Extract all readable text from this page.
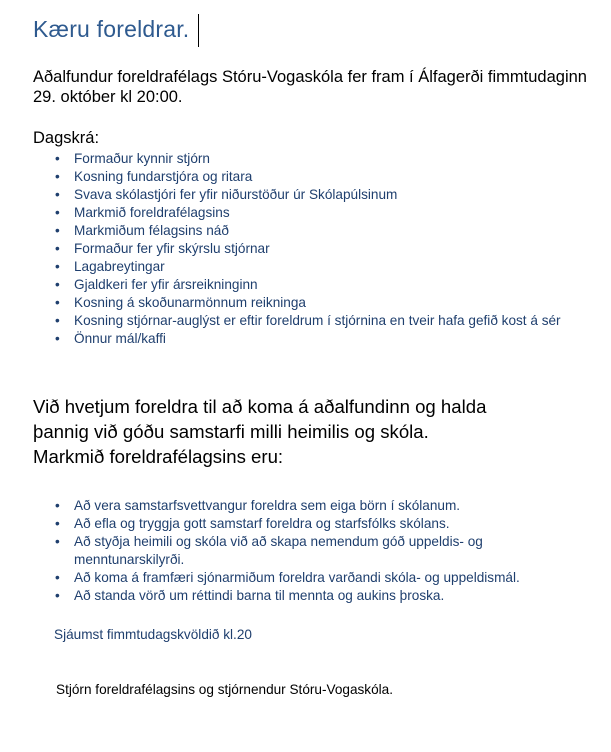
Kæru foreldrar.
Aðalfundur foreldrafélags Stóru-Vogaskóla fer fram í Álfagerði fimmtudaginn 29. október kl 20:00.
Dagskrá:
• Formaður kynnir stjórn
• Kosning fundarstjóra og ritara
• Svava skólastjóri fer yfir niðurstöður úr Skólapúlsinum
• Markmið foreldrafélagsins
• Markmiðum félagsins náð
• Formaður fer yfir skýrslu stjórnar
• Lagabreytingar
• Gjaldkeri fer yfir ársreikninginn
• Kosning á skoðunarmönnum reikninga
• Kosning stjórnar-auglýst er eftir foreldrum í stjórnina en tveir hafa gefið kost á sér
• Önnur mál/kaffi
Við hvetjum foreldra til að koma á aðalfundinn og halda
þannig við góðu samstarfi milli heimilis og skóla.
Markmið foreldrafélagsins eru:
• Að vera samstarfsvettvangur foreldra sem eiga börn í skólanum.
• Að efla og tryggja gott samstarf foreldra og starfsfólks skólans.
• Að styðja heimili og skóla við að skapa nemendum góð uppeldis- og menntunarskilyrði.
• Að koma á framfæri sjónarmiðum foreldra varðandi skóla- og uppeldismál.
• Að standa vörð um réttindi barna til mennta og aukins þroska.
Sjáumst fimmtudagskvöldið kl.20
Stjórn foreldrafélagsins og stjórnendur Stóru-Vogaskóla.
